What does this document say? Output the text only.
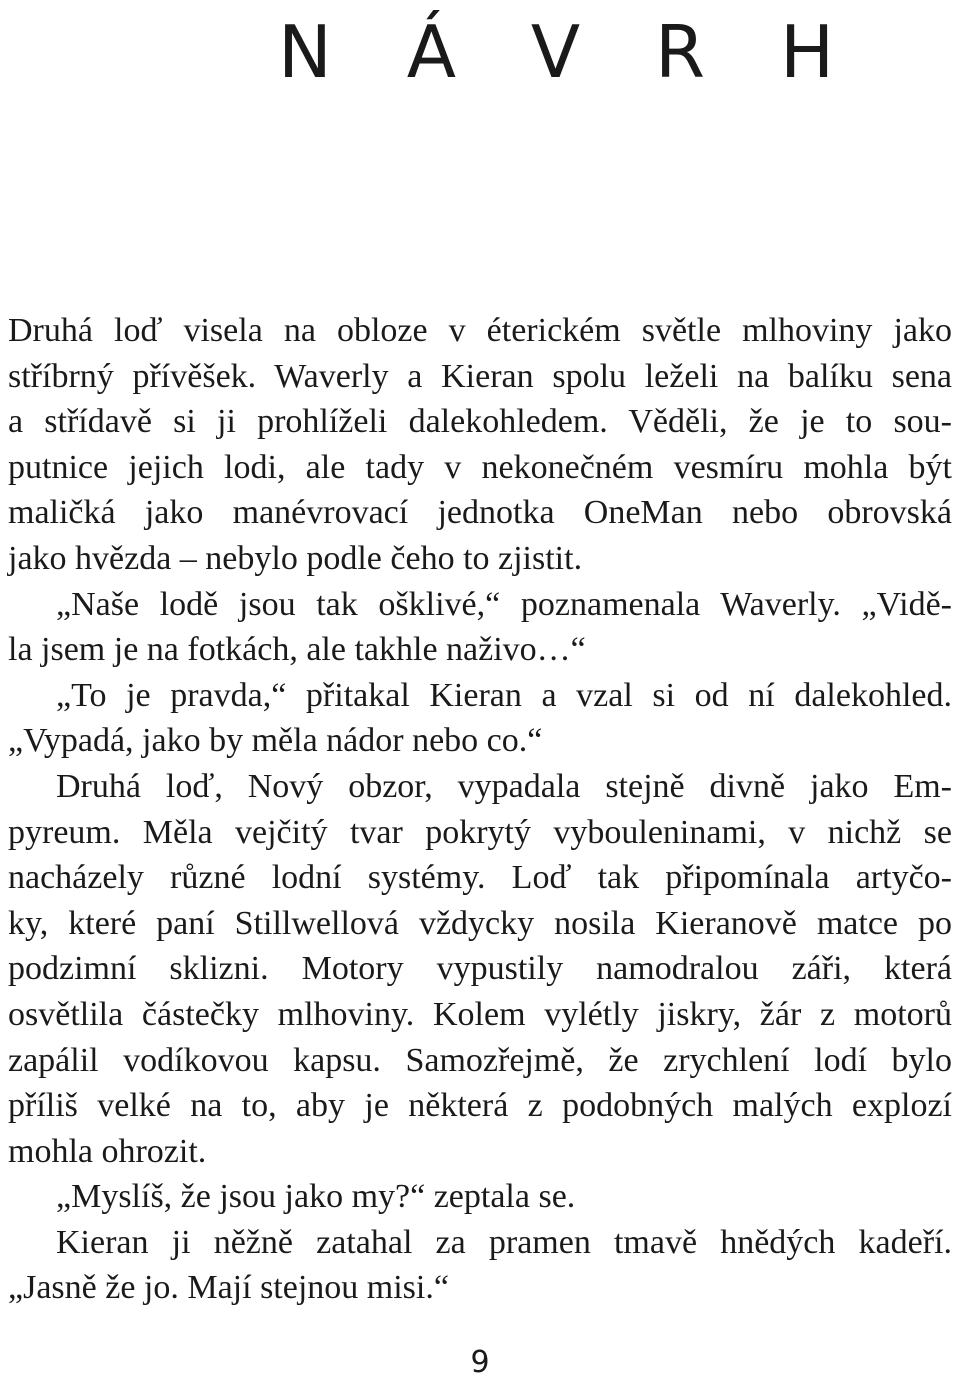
N Á V R H
Druhá loď visela na obloze v éterickém světle mlhoviny jako
stříbrný přívěšek. Waverly a Kieran spolu leželi na balíku sena
a střídavě si ji prohlíželi dalekohledem. Věděli, že je to sou-
putnice jejich lodi, ale tady v nekonečném vesmíru mohla být
maličká jako manévrovací jednotka OneMan nebo obrovská
jako hvězda – nebylo podle čeho to zjistit.
„Naše lodě jsou tak ošklivé,“ poznamenala Waverly. „Vidě-
la jsem je na fotkách, ale takhle naživo…“
„To je pravda,“ přitakal Kieran a vzal si od ní dalekohled.
„Vypadá, jako by měla nádor nebo co.“
Druhá loď, Nový obzor, vypadala stejně divně jako Em-
pyreum. Měla vejčitý tvar pokrytý vybouleninami, v nichž se
nacházely různé lodní systémy. Loď tak připomínala artyčo-
ky, které paní Stillwellová vždycky nosila Kieranově matce po
podzimní sklizni. Motory vypustily namodralou záři, která
osvětlila částečky mlhoviny. Kolem vylétly jiskry, žár z motorů
zapálil vodíkovou kapsu. Samozřejmě, že zrychlení lodí bylo
příliš velké na to, aby je některá z podobných malých explozí
mohla ohrozit.
„Myslíš, že jsou jako my?“ zeptala se.
Kieran ji něžně zatahal za pramen tmavě hnědých kadeří.
„Jasně že jo. Mají stejnou misi.“
9
